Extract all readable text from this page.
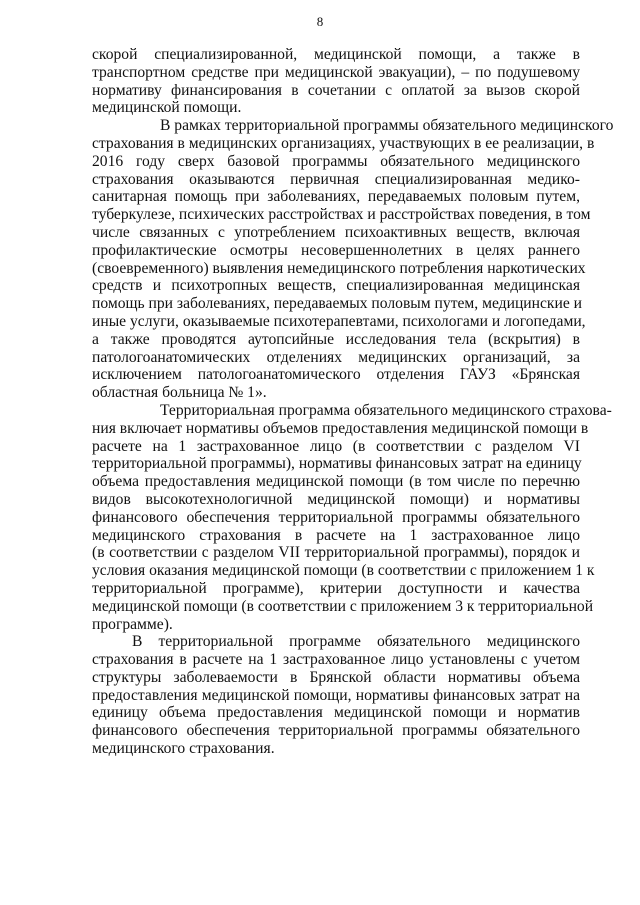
8
скорой специализированной, медицинской помощи, а также в
транспортном средстве при медицинской эвакуации), – по подушевому
нормативу финансирования в сочетании с оплатой за вызов скорой
медицинской помощи.
В рамках территориальной программы обязательного медицинского
страхования в медицинских организациях, участвующих в ее реализации, в
2016 году сверх базовой программы обязательного медицинского
страхования оказываются первичная специализированная медико-
санитарная помощь при заболеваниях, передаваемых половым путем,
туберкулезе, психических расстройствах и расстройствах поведения, в том
числе связанных с употреблением психоактивных веществ, включая
профилактические осмотры несовершеннолетних в целях раннего
(своевременного) выявления немедицинского потребления наркотических
средств и психотропных веществ, специализированная медицинская
помощь при заболеваниях, передаваемых половым путем, медицинские и
иные услуги, оказываемые психотерапевтами, психологами и логопедами,
а также проводятся аутопсийные исследования тела (вскрытия) в
патологоанатомических отделениях медицинских организаций, за
исключением патологоанатомического отделения ГАУЗ «Брянская
областная больница № 1».
Территориальная программа обязательного медицинского страхова-
ния включает нормативы объемов предоставления медицинской помощи в
расчете на 1 застрахованное лицо (в соответствии с разделом VI
территориальной программы), нормативы финансовых затрат на единицу
объема предоставления медицинской помощи (в том числе по перечню
видов высокотехнологичной медицинской помощи) и нормативы
финансового обеспечения территориальной программы обязательного
медицинского страхования в расчете на 1 застрахованное лицо
(в соответствии с разделом VII территориальной программы), порядок и
условия оказания медицинской помощи (в соответствии с приложением 1 к
территориальной программе), критерии доступности и качества
медицинской помощи (в соответствии с приложением 3 к территориальной
программе).
В территориальной программе обязательного медицинского
страхования в расчете на 1 застрахованное лицо установлены с учетом
структуры заболеваемости в Брянской области нормативы объема
предоставления медицинской помощи, нормативы финансовых затрат на
единицу объема предоставления медицинской помощи и норматив
финансового обеспечения территориальной программы обязательного
медицинского страхования.
